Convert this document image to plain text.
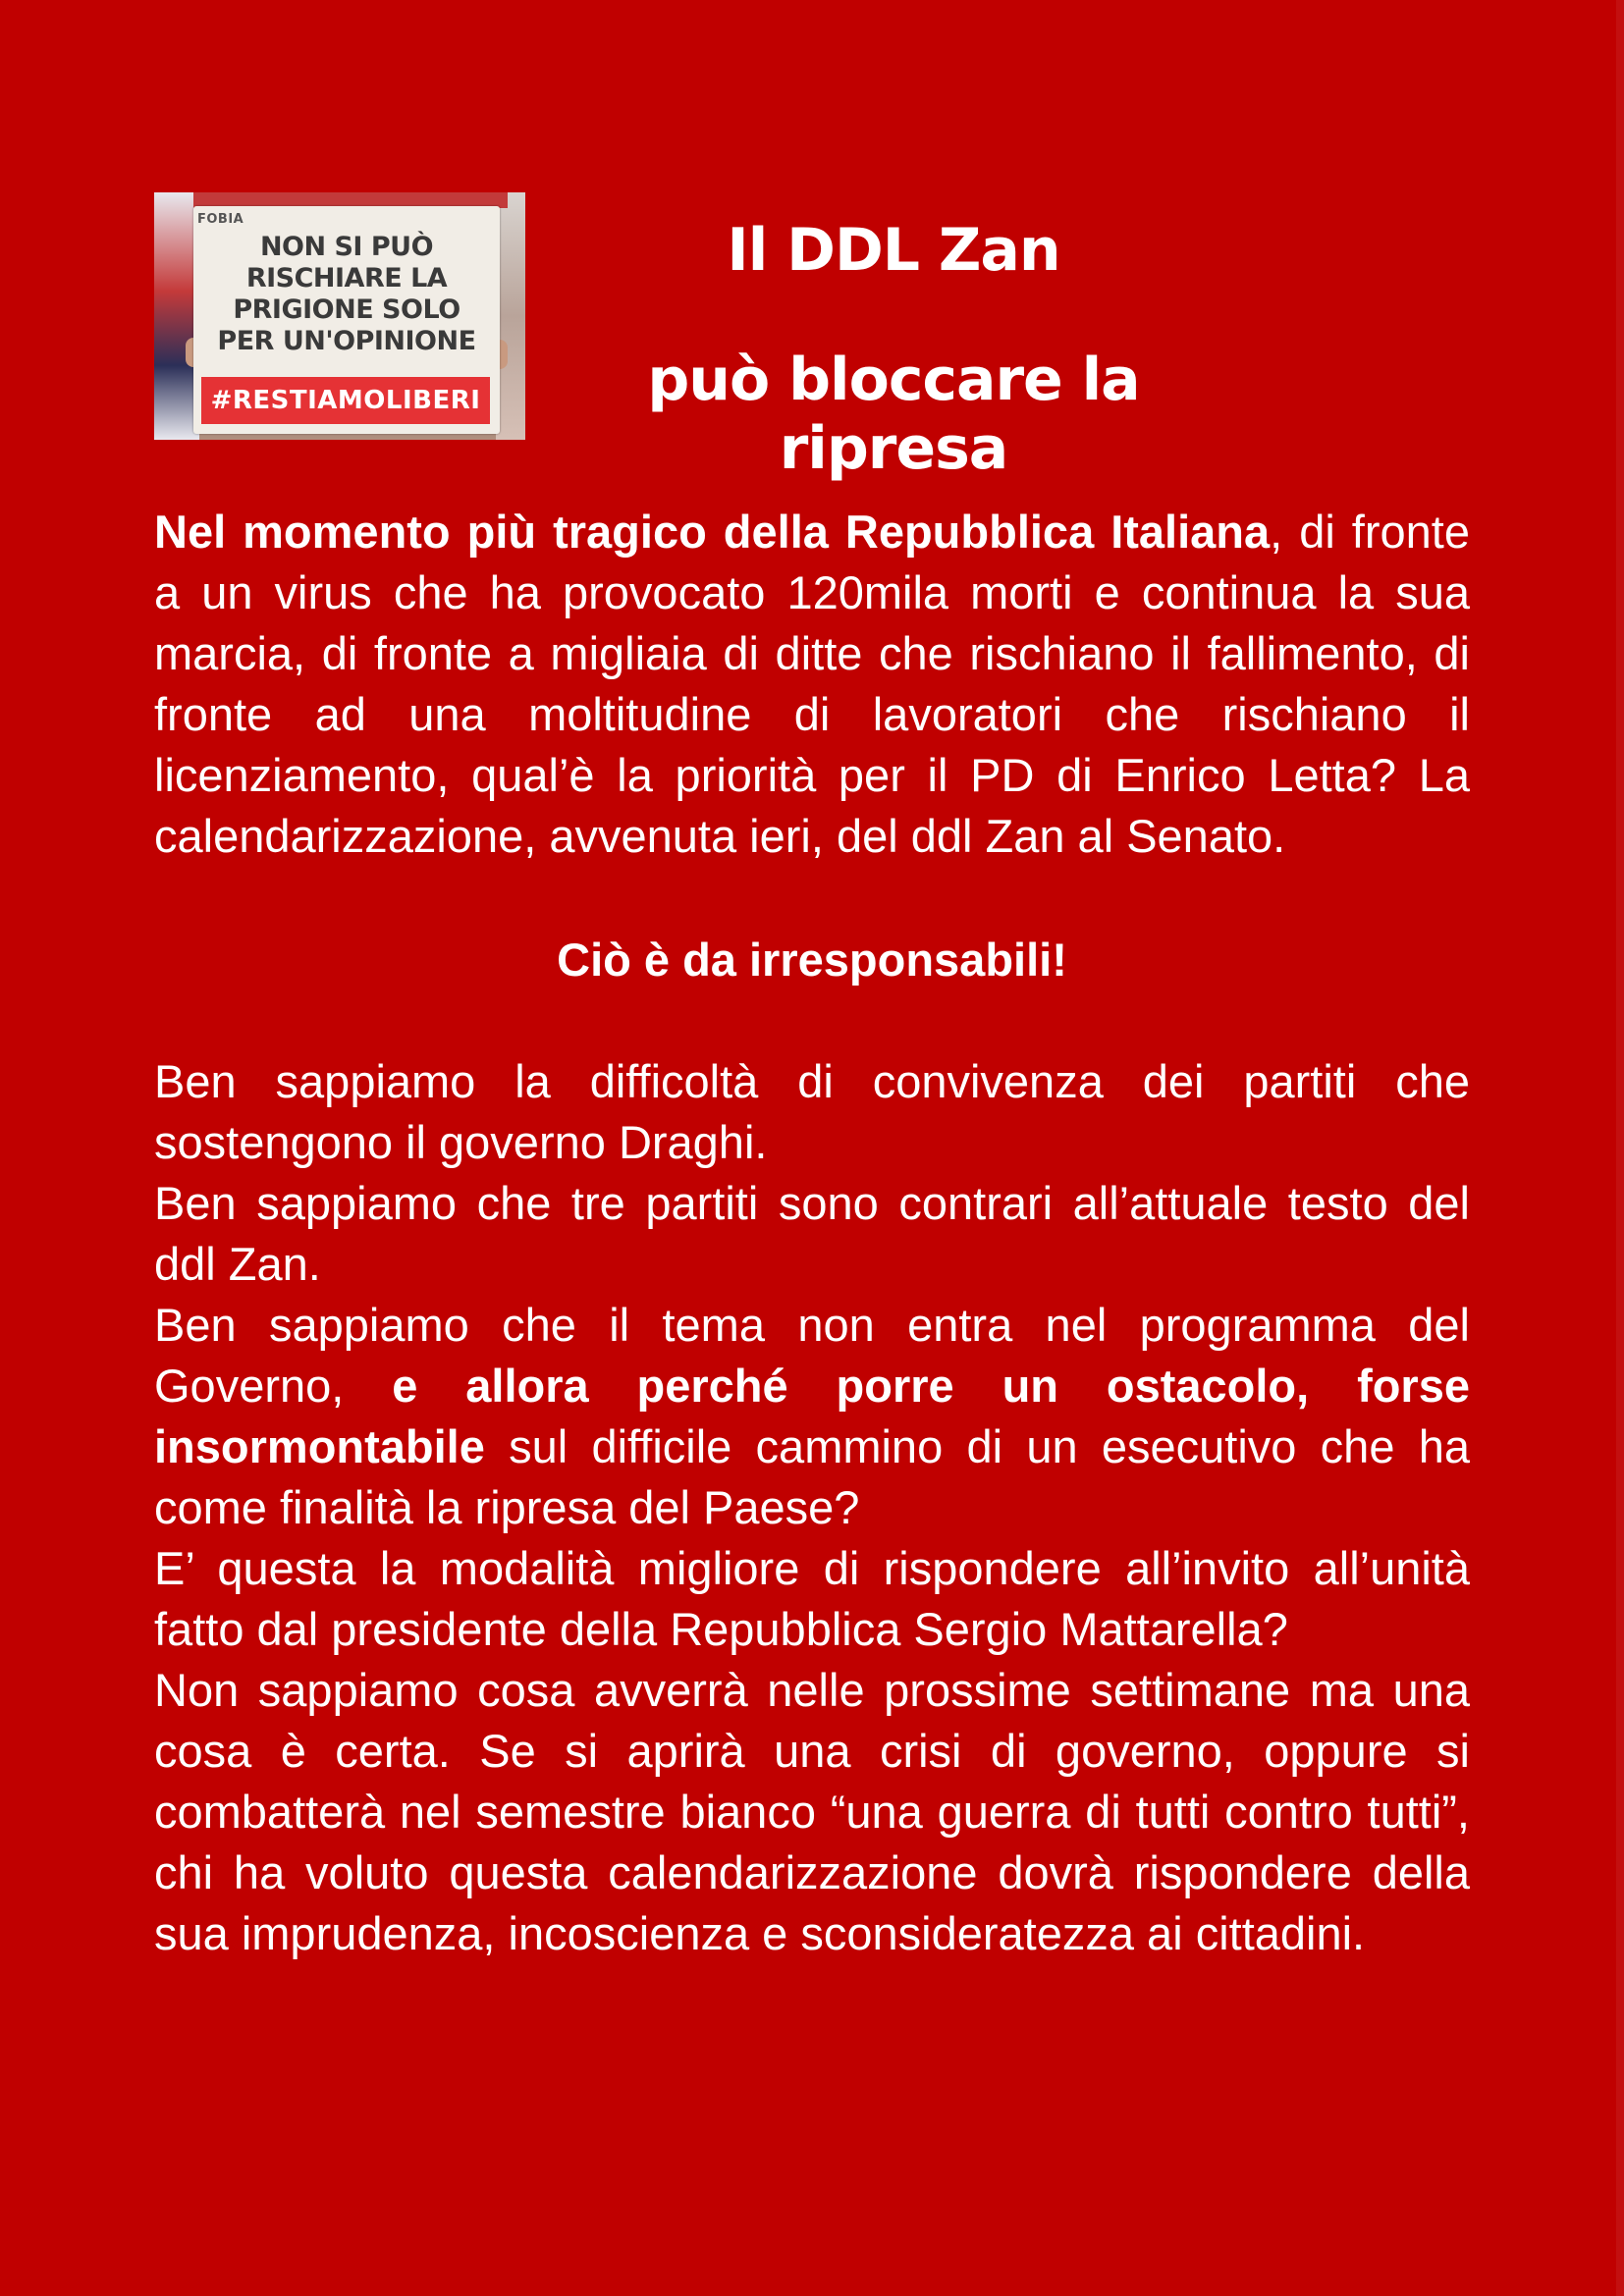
FOBIA
NON SI PUÒ
RISCHIARE LA
PRIGIONE SOLO
PER UN'OPINIONE
#RESTIAMOLIBERI
Il DDL Zan
può bloccare la ripresa

Nel momento più tragico della Repubblica Italiana, di fronte a un virus che ha provocato 120mila morti e continua la sua marcia, di fronte a migliaia di ditte che rischiano il fallimento, di fronte ad una moltitudine di lavoratori che rischiano il licenziamento, qual’è la priorità per il PD di Enrico Letta? La calendarizzazione, avvenuta ieri, del ddl Zan al Senato.

Ciò è da irresponsabili!

Ben sappiamo la difficoltà di convivenza dei partiti che sostengono il governo Draghi.

Ben sappiamo che tre partiti sono contrari all’attuale testo del ddl Zan.

Ben sappiamo che il tema non entra nel programma del Governo, e allora perché porre un ostacolo, forse insormontabile sul difficile cammino di un esecutivo che ha come finalità la ripresa del Paese?

E’ questa la modalità migliore di rispondere all’invito all’unità fatto dal presidente della Repubblica Sergio Mattarella?

Non sappiamo cosa avverrà nelle prossime settimane ma una cosa è certa. Se si aprirà una crisi di governo, oppure si combatterà nel semestre bianco “una guerra di tutti contro tutti”, chi ha voluto questa calendarizzazione dovrà rispondere della sua imprudenza, incoscienza e sconsideratezza ai cittadini.
